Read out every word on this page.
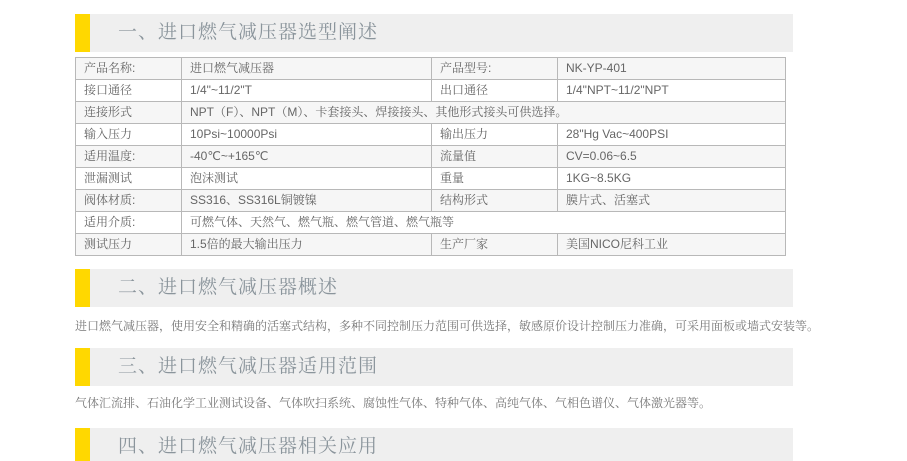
一、进口燃气减压器选型阐述
产品名称:	进口燃气减压器	产品型号:	NK-YP-401
接口通径	1/4"~11/2"T	出口通径	1/4"NPT~11/2"NPT
连接形式	NPT（F）、NPT（M）、卡套接头、焊接接头、其他形式接头可供选择。		
输入压力	10Psi~10000Psi	输出压力	28"Hg Vac~400PSI
适用温度:	-40℃~+165℃	流量值	CV=0.06~6.5
泄漏测试	泡沫测试	重量	1KG~8.5KG
阀体材质:	SS316、SS316L铜镀镍	结构形式	膜片式、活塞式
适用介质:	可燃气体、天然气、燃气瓶、燃气管道、燃气瓶等		
测试压力	1.5倍的最大输出压力	生产厂家	美国NICO尼科工业
二、进口燃气减压器概述

进口燃气减压器，使用安全和精确的活塞式结构，多种不同控制压力范围可供选择，敏感原价设计控制压力准确，可采用面板或墙式安装等。

三、进口燃气减压器适用范围

气体汇流排、石油化学工业测试设备、气体吹扫系统、腐蚀性气体、特种气体、高纯气体、气相色谱仪、气体激光器等。

四、进口燃气减压器相关应用
